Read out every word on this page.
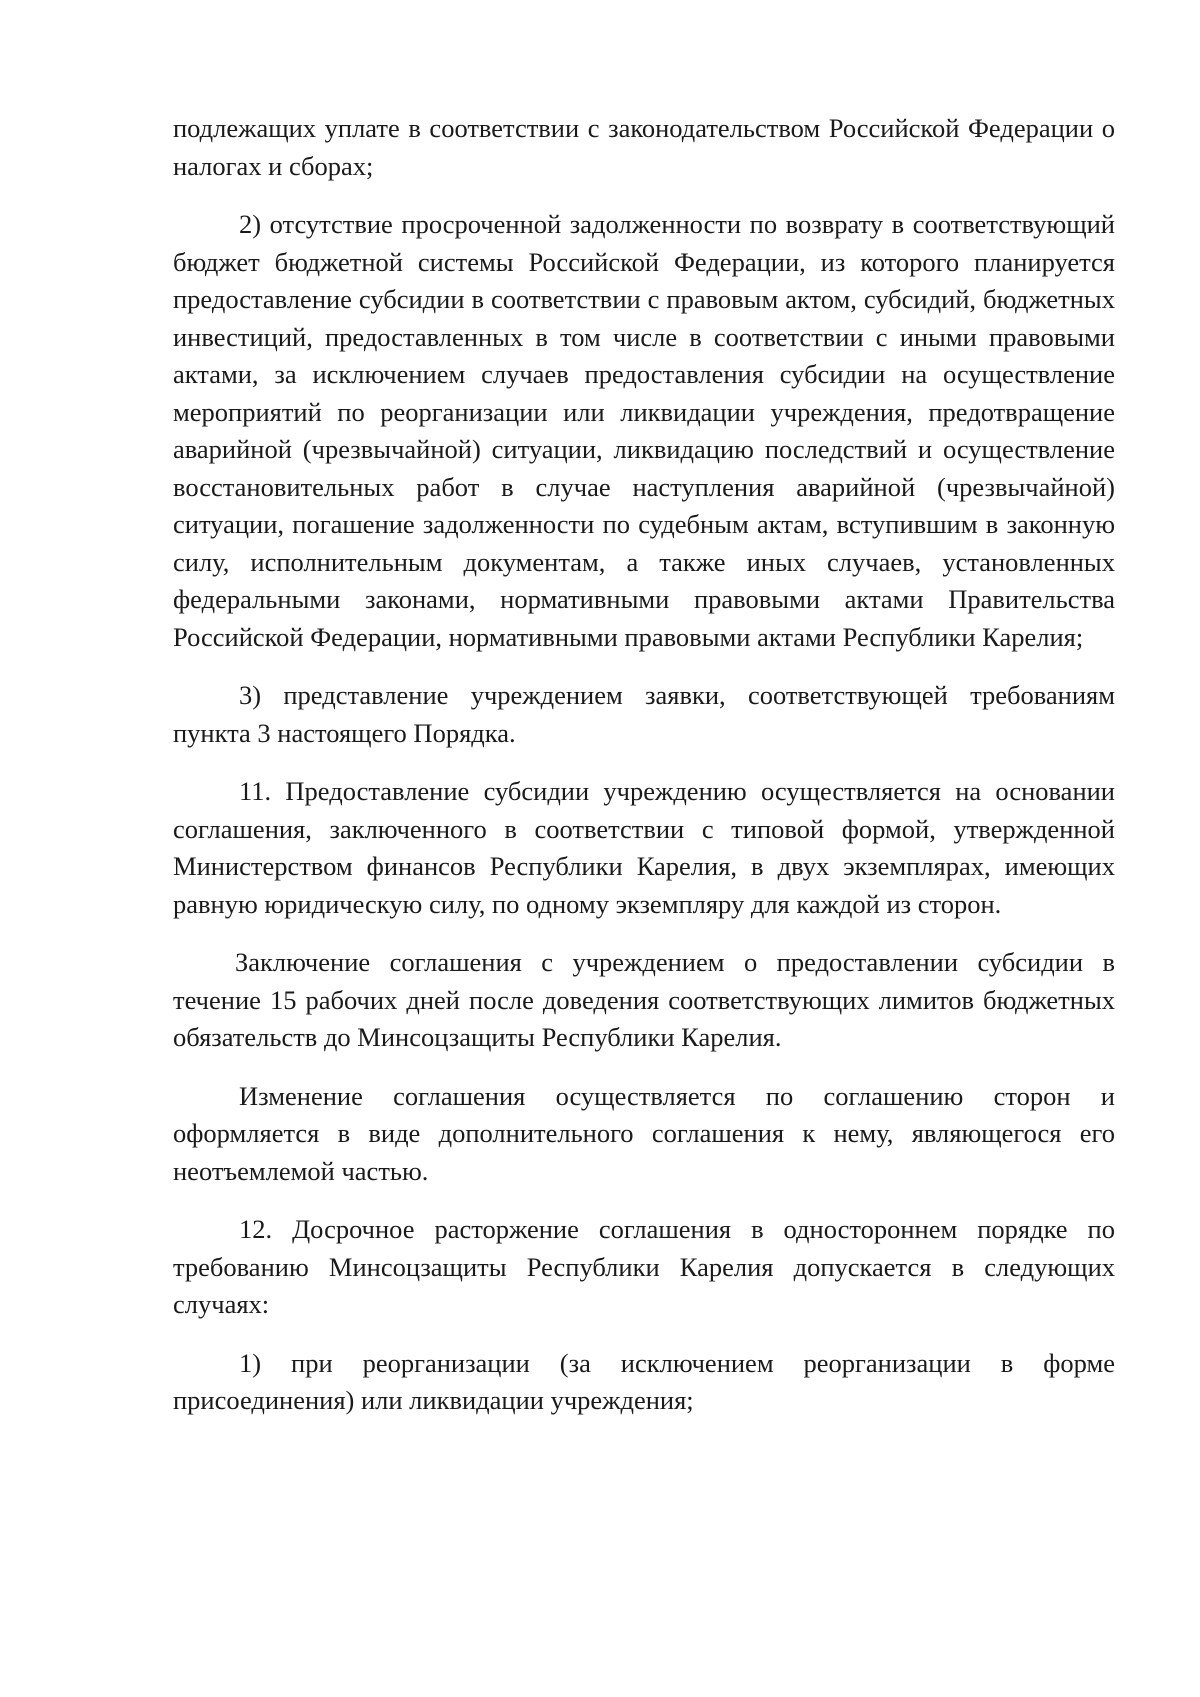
подлежащих уплате в соответствии с законодательством Российской Федерации о налогах и сборах;

2) отсутствие просроченной задолженности по возврату в соответствующий бюджет бюджетной системы Российской Федерации, из которого планируется предоставление субсидии в соответствии с правовым актом, субсидий, бюджетных инвестиций, предоставленных в том числе в соответствии с иными правовыми актами, за исключением случаев предоставления субсидии на осуществление мероприятий по реорганизации или ликвидации учреждения, предотвращение аварийной (чрезвычайной) ситуации, ликвидацию последствий и осуществление восстановительных работ в случае наступления аварийной (чрезвычайной) ситуации, погашение задолженности по судебным актам, вступившим в законную силу, исполнительным документам, а также иных случаев, установленных федеральными законами, нормативными правовыми актами Правительства Российской Федерации, нормативными правовыми актами Республики Карелия;

3) представление учреждением заявки, соответствующей требованиям пункта 3 настоящего Порядка.

11. Предоставление субсидии учреждению осуществляется на основании соглашения, заключенного в соответствии с типовой формой, утвержденной Министерством финансов Республики Карелия, в двух экземплярах, имеющих равную юридическую силу, по одному экземпляру для каждой из сторон.

Заключение соглашения с учреждением о предоставлении субсидии в течение 15 рабочих дней после доведения соответствующих лимитов бюджетных обязательств до Минсоцзащиты Республики Карелия.

Изменение соглашения осуществляется по соглашению сторон и оформляется в виде дополнительного соглашения к нему, являющегося его неотъемлемой частью.

12. Досрочное расторжение соглашения в одностороннем порядке по требованию Минсоцзащиты Республики Карелия допускается в следующих случаях:

1) при реорганизации (за исключением реорганизации в форме присоединения) или ликвидации учреждения;
